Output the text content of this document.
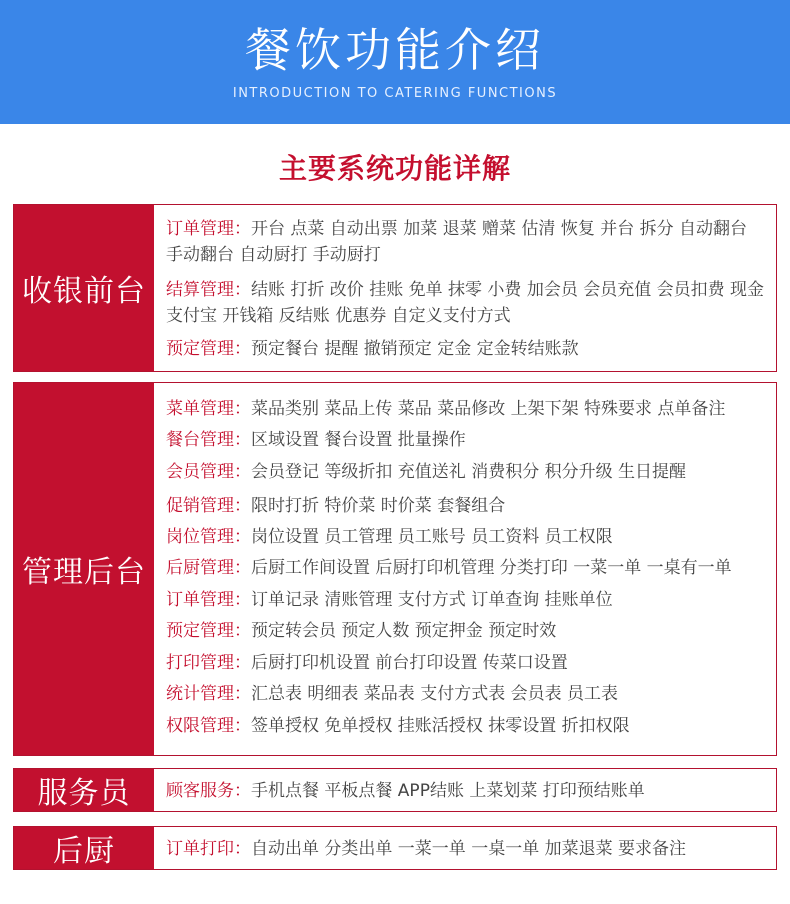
餐饮功能介绍
INTRODUCTION TO CATERING FUNCTIONS
主要系统功能详解
收银前台
订单管理：开台 点菜 自动出票 加菜 退菜 赠菜 估清 恢复 并台 拆分 自动翻台 手动翻台 自动厨打 手动厨打
结算管理：结账 打折 改价 挂账 免单 抹零 小费 加会员 会员充值 会员扣费 现金 支付宝 开钱箱 反结账 优惠券 自定义支付方式
预定管理：预定餐台 提醒 撤销预定 定金 定金转结账款
管理后台
菜单管理：菜品类别 菜品上传 菜品 菜品修改 上架下架 特殊要求 点单备注
餐台管理：区域设置 餐台设置 批量操作
会员管理：会员登记 等级折扣 充值送礼 消费积分 积分升级 生日提醒
促销管理：限时打折 特价菜 时价菜 套餐组合
岗位管理：岗位设置 员工管理 员工账号 员工资料 员工权限
后厨管理：后厨工作间设置 后厨打印机管理 分类打印 一菜一单 一桌有一单
订单管理：订单记录 清账管理 支付方式 订单查询 挂账单位
预定管理：预定转会员 预定人数 预定押金 预定时效
打印管理：后厨打印机设置 前台打印设置 传菜口设置
统计管理：汇总表 明细表 菜品表 支付方式表 会员表 员工表
权限管理：签单授权 免单授权 挂账活授权 抹零设置 折扣权限
服务员	顾客服务：手机点餐 平板点餐 APP结账 上菜划菜 打印预结账单
后厨	订单打印：自动出单 分类出单 一菜一单 一桌一单 加菜退菜 要求备注
